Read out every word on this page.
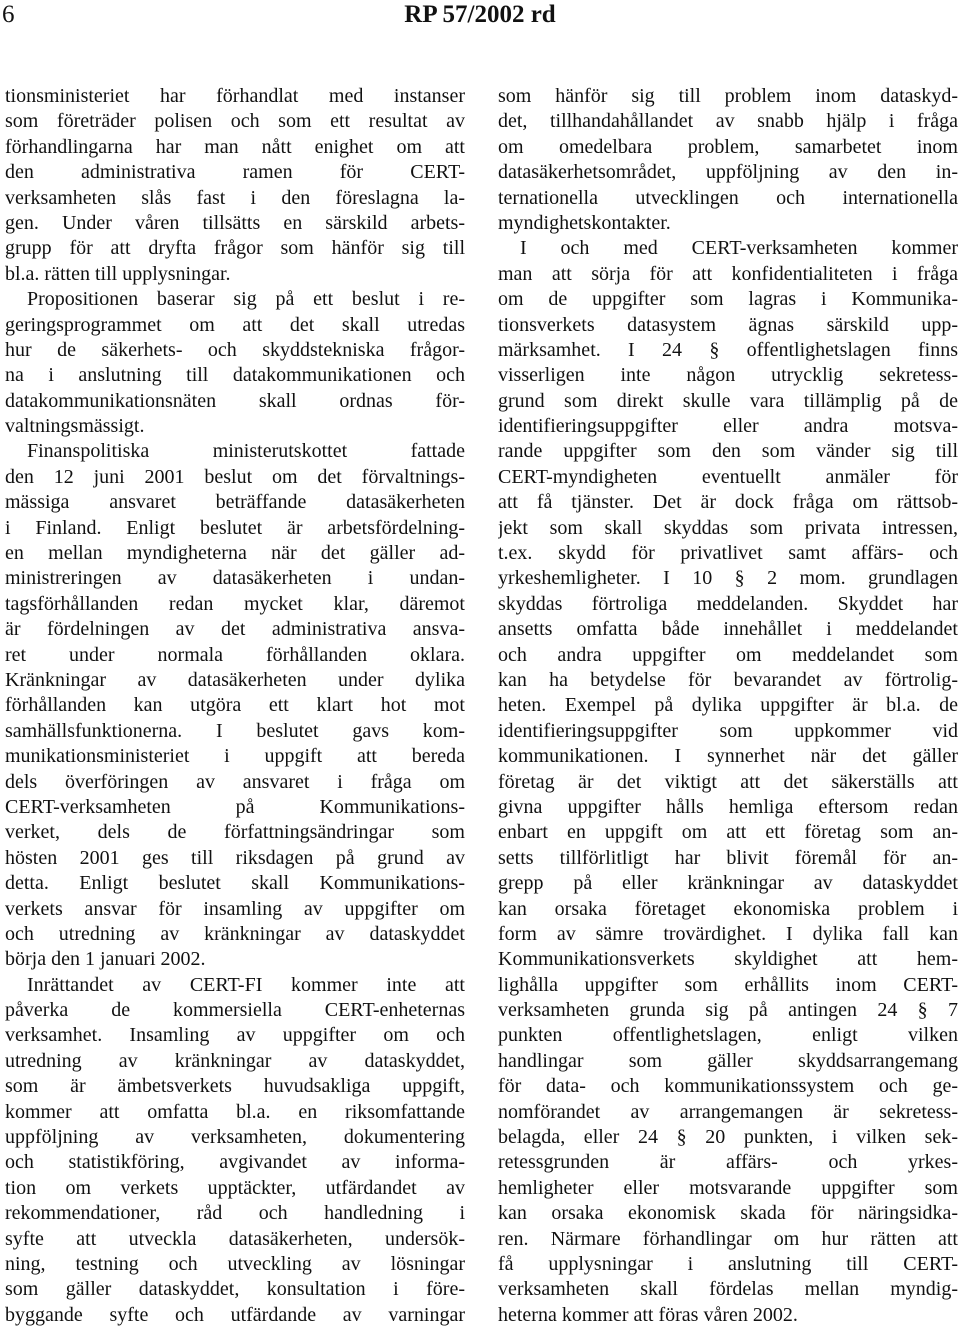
6	RP 57/2002 rd
tionsministeriet har förhandlat med instanser
som företräder polisen och som ett resultat av
förhandlingarna har man nått enighet om att
den administrativa ramen för CERT-
verksamheten slås fast i den föreslagna la-
gen. Under våren tillsätts en särskild arbets-
grupp för att dryfta frågor som hänför sig till
bl.a. rätten till upplysningar.
Propositionen baserar sig på ett beslut i re-
geringsprogrammet om att det skall utredas
hur de säkerhets- och skyddstekniska frågor-
na i anslutning till datakommunikationen och
datakommunikationsnäten skall ordnas för-
valtningsmässigt.
Finanspolitiska ministerutskottet fattade
den 12 juni 2001 beslut om det förvaltnings-
mässiga ansvaret beträffande datasäkerheten
i Finland. Enligt beslutet är arbetsfördelning-
en mellan myndigheterna när det gäller ad-
ministreringen av datasäkerheten i undan-
tagsförhållanden redan mycket klar, däremot
är fördelningen av det administrativa ansva-
ret under normala förhållanden oklara.
Kränkningar av datasäkerheten under dylika
förhållanden kan utgöra ett klart hot mot
samhällsfunktionerna. I beslutet gavs kom-
munikationsministeriet i uppgift att bereda
dels överföringen av ansvaret i fråga om
CERT-verksamheten på Kommunikations-
verket, dels de författningsändringar som
hösten 2001 ges till riksdagen på grund av
detta. Enligt beslutet skall Kommunikations-
verkets ansvar för insamling av uppgifter om
och utredning av kränkningar av dataskyddet
börja den 1 januari 2002.
Inrättandet av CERT-FI kommer inte att
påverka de kommersiella CERT-enheternas
verksamhet. Insamling av uppgifter om och
utredning av kränkningar av dataskyddet,
som är ämbetsverkets huvudsakliga uppgift,
kommer att omfatta bl.a. en riksomfattande
uppföljning av verksamheten, dokumentering
och statistikföring, avgivandet av informa-
tion om verkets upptäckter, utfärdandet av
rekommendationer, råd och handledning i
syfte att utveckla datasäkerheten, undersök-
ning, testning och utveckling av lösningar
som gäller dataskyddet, konsultation i före-
byggande syfte och utfärdande av varningar
som hänför sig till problem inom dataskyd-
det, tillhandahållandet av snabb hjälp i fråga
om omedelbara problem, samarbetet inom
datasäkerhetsområdet, uppföljning av den in-
ternationella utvecklingen och internationella
myndighetskontakter.
I och med CERT-verksamheten kommer
man att sörja för att konfidentialiteten i fråga
om de uppgifter som lagras i Kommunika-
tionsverkets datasystem ägnas särskild upp-
märksamhet. I 24 § offentlighetslagen finns
visserligen inte någon utrycklig sekretess-
grund som direkt skulle vara tillämplig på de
identifieringsuppgifter eller andra motsva-
rande uppgifter som den som vänder sig till
CERT-myndigheten eventuellt anmäler för
att få tjänster. Det är dock fråga om rättsob-
jekt som skall skyddas som privata intressen,
t.ex. skydd för privatlivet samt affärs- och
yrkeshemligheter. I 10 § 2 mom. grundlagen
skyddas förtroliga meddelanden. Skyddet har
ansetts omfatta både innehållet i meddelandet
och andra uppgifter om meddelandet som
kan ha betydelse för bevarandet av förtrolig-
heten. Exempel på dylika uppgifter är bl.a. de
identifieringsuppgifter som uppkommer vid
kommunikationen. I synnerhet när det gäller
företag är det viktigt att det säkerställs att
givna uppgifter hålls hemliga eftersom redan
enbart en uppgift om att ett företag som an-
setts tillförlitligt har blivit föremål för an-
grepp på eller kränkningar av dataskyddet
kan orsaka företaget ekonomiska problem i
form av sämre trovärdighet. I dylika fall kan
Kommunikationsverkets skyldighet att hem-
lighålla uppgifter som erhållits inom CERT-
verksamheten grunda sig på antingen 24 § 7
punkten offentlighetslagen, enligt vilken
handlingar som gäller skyddsarrangemang
för data- och kommunikationssystem och ge-
nomförandet av arrangemangen är sekretess-
belagda, eller 24 § 20 punkten, i vilken sek-
retessgrunden är affärs- och yrkes-
hemligheter eller motsvarande uppgifter som
kan orsaka ekonomisk skada för näringsidka-
ren. Närmare förhandlingar om hur rätten att
få upplysningar i anslutning till CERT-
verksamheten skall fördelas mellan myndig-
heterna kommer att föras våren 2002.
